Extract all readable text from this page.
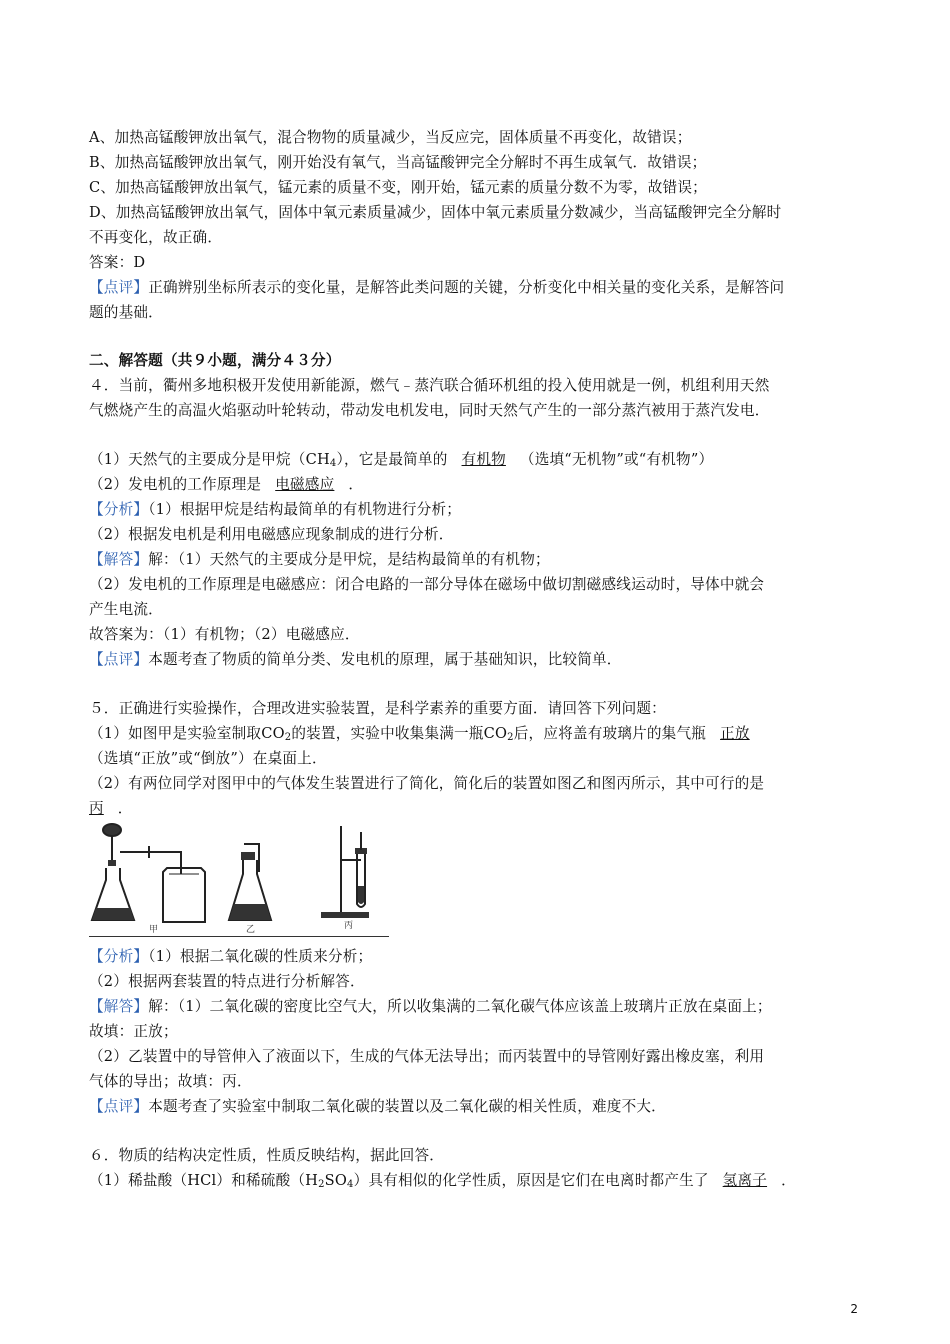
A、加热高锰酸钾放出氧气，混合物物的质量减少，当反应完，固体质量不再变化，故错误；
B、加热高锰酸钾放出氧气，刚开始没有氧气，当高锰酸钾完全分解时不再生成氧气．故错误；
C、加热高锰酸钾放出氧气，锰元素的质量不变，刚开始，锰元素的质量分数不为零，故错误；
D、加热高锰酸钾放出氧气，固体中氧元素质量减少，固体中氧元素质量分数减少，当高锰酸钾完全分解时
不再变化，故正确．
答案：D
【点评】正确辨别坐标所表示的变化量，是解答此类问题的关键，分析变化中相关量的变化关系，是解答问
题的基础．
二、解答题（共９小题，满分４３分）
４．当前，衢州多地积极开发使用新能源，燃气﹣蒸汽联合循环机组的投入使用就是一例，机组利用天然
气燃烧产生的高温火焰驱动叶轮转动，带动发电机发电，同时天然气产生的一部分蒸汽被用于蒸汽发电．
（1）天然气的主要成分是甲烷$(CH_4)$，它是最简单的 有机物 （选填“无机物”或“有机物”）
（2）发电机的工作原理是 电磁感应 ．
【分析】（1）根据甲烷是结构最简单的有机物进行分析；
（2）根据发电机是利用电磁感应现象制成的进行分析．
【解答】解：（1）天然气的主要成分是甲烷，是结构最简单的有机物；
（2）发电机的工作原理是电磁感应：闭合电路的一部分导体在磁场中做切割磁感线运动时，导体中就会
产生电流．
故答案为：（1）有机物；（2）电磁感应．
【点评】本题考查了物质的简单分类、发电机的原理，属于基础知识，比较简单．
５．正确进行实验操作，合理改进实验装置，是科学素养的重要方面．请回答下列问题：
（1）如图甲是实验室制取$CO_2$的装置，实验中收集集满一瓶$CO_2$后，应将盖有玻璃片的集气瓶 正放
（选填“正放”或“倒放”）在桌面上．
（2）有两位同学对图甲中的气体发生装置进行了简化，简化后的装置如图乙和图丙所示，其中可行的是
丙 ．
甲	乙	丙
【分析】（1）根据二氧化碳的性质来分析；
（2）根据两套装置的特点进行分析解答．
【解答】解：（1）二氧化碳的密度比空气大，所以收集满的二氧化碳气体应该盖上玻璃片正放在桌面上；
故填：正放；
（2）乙装置中的导管伸入了液面以下，生成的气体无法导出；而丙装置中的导管刚好露出橡皮塞，利用
气体的导出；故填：丙．
【点评】本题考查了实验室中制取二氧化碳的装置以及二氧化碳的相关性质，难度不大．
６．物质的结构决定性质，性质反映结构，据此回答．
（1）稀盐酸（HCl）和稀硫酸$(H_2SO_4)$具有相似的化学性质，原因是它们在电离时都产生了 氢离子 ．
2
